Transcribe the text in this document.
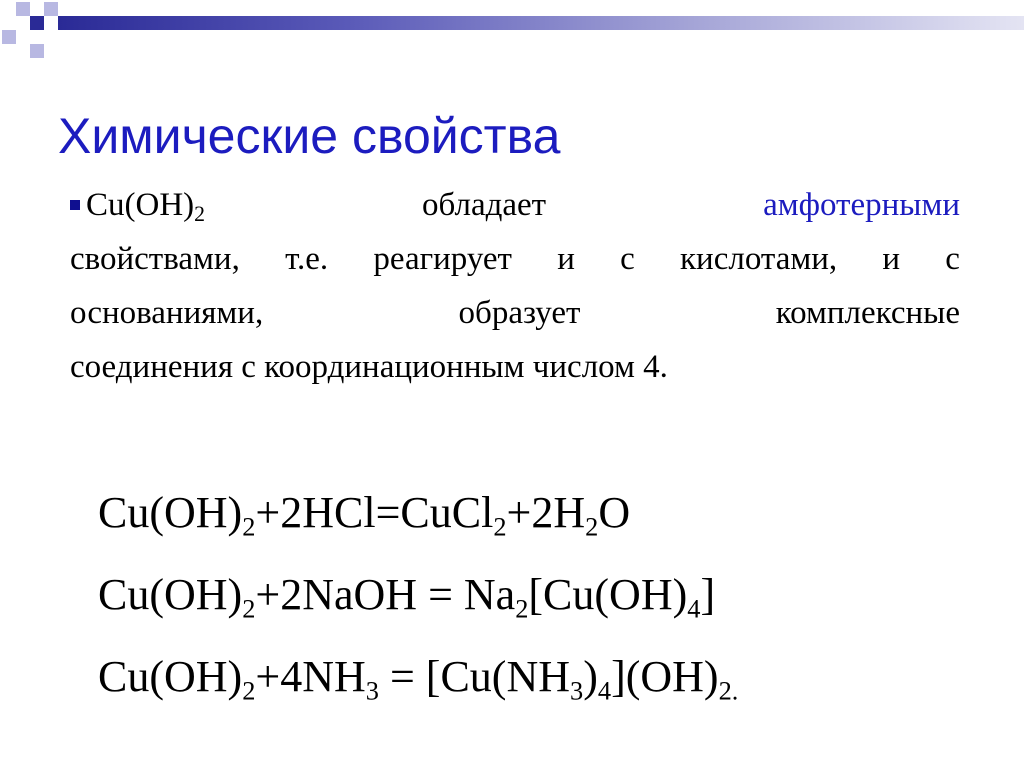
Химические свойства
$Cu(OH)_2$	обладает	амфотерными
свойствами, т.е. реагирует и с кислотами, и с
основаниями,	образует	комплексные
соединения с координационным числом 4.
$Cu(OH)_2+2HCl=CuCl_2+2H_2O$
$Cu(OH)_2+2NaOH = Na_2[Cu(OH)_4]$
$Cu(OH)_2+4NH_3 = [Cu(NH_3)_4](OH)_{2.}$
